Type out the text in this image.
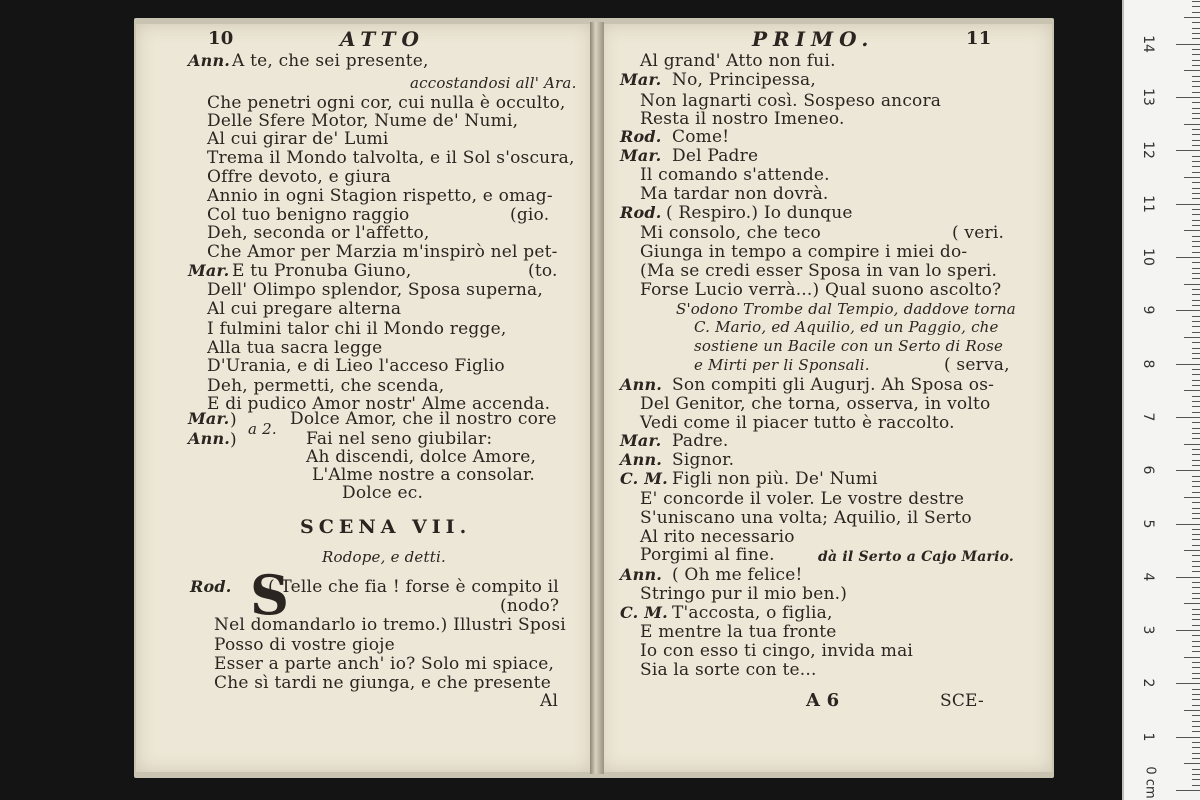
10	ATTO
Ann. A te, che sei presente,
accostandosi all' Ara.
Che penetri ogni cor, cui nulla è occulto,
Delle Sfere Motor, Nume de' Numi,
Al cui girar de' Lumi
Trema il Mondo talvolta, e il Sol s'oscura,
Offre devoto, e giura
Annio in ogni Stagion rispetto, e omag-
Col tuo benigno raggio	(gio.
Deh, seconda or l'affetto,
Che Amor per Marzia m'inspirò nel pet-
Mar. E tu Pronuba Giuno,	(to.
Dell' Olimpo splendor, Sposa superna,
Al cui pregare alterna
I fulmini talor chi il Mondo regge,
Alla tua sacra legge
D'Urania, e di Lieo l'acceso Figlio
Deh, permetti, che scenda,
E di pudico Amor nostr' Alme accenda.
Mar.
a 2. Dolce Amor, che il nostro core
Ann.	Fai nel seno giubilar:
Ah discendi, dolce Amore,
L'Alme nostre a consolar.
Dolce ec.
)
)
SCENA VII.
Rodope, e detti.
Rod. S
( Telle che fia ! forse è compito il
(nodo?
Nel domandarlo io tremo.) Illustri Sposi
Posso di vostre gioje
Esser a parte anch' io? Solo mi spiace,
Che sì tardi ne giunga, e che presente
Al
PRIMO.	11
Al grand' Atto non fui.
Mar. No, Principessa,
Non lagnarti così. Sospeso ancora
Resta il nostro Imeneo.
Rod. Come!
Mar. Del Padre
Il comando s'attende.
Ma tardar non dovrà.
Rod. ( Respiro.) Io dunque
Mi consolo, che teco	( veri.
Giunga in tempo a compire i miei do-
(Ma se credi esser Sposa in van lo speri.
Forse Lucio verrà...) Qual suono ascolto?
S'odono Trombe dal Tempio, daddove torna
C. Mario, ed Aquilio, ed un Paggio, che
sostiene un Bacile con un Serto di Rose
e Mirti per li Sponsali.	( serva,
Ann. Son compiti gli Augurj. Ah Sposa os-
Del Genitor, che torna, osserva, in volto
Vedi come il piacer tutto è raccolto.
Mar. Padre.
Ann. Signor.
C. M. Figli non più. De' Numi
E' concorde il voler. Le vostre destre
S'uniscano una volta; Aquilio, il Serto
Al rito necessario
Porgimi al fine.	dà il Serto a Cajo Mario.
Ann. ( Oh me felice!
Stringo pur il mio ben.)
C. M. T'accosta, o figlia,
E mentre la tua fronte
Io con esso ti cingo, invida mai
Sia la sorte con te...
A 6	SCE-
0 cm
14
13
12
11
10
9
8
7
6
5
4
3
2
1
